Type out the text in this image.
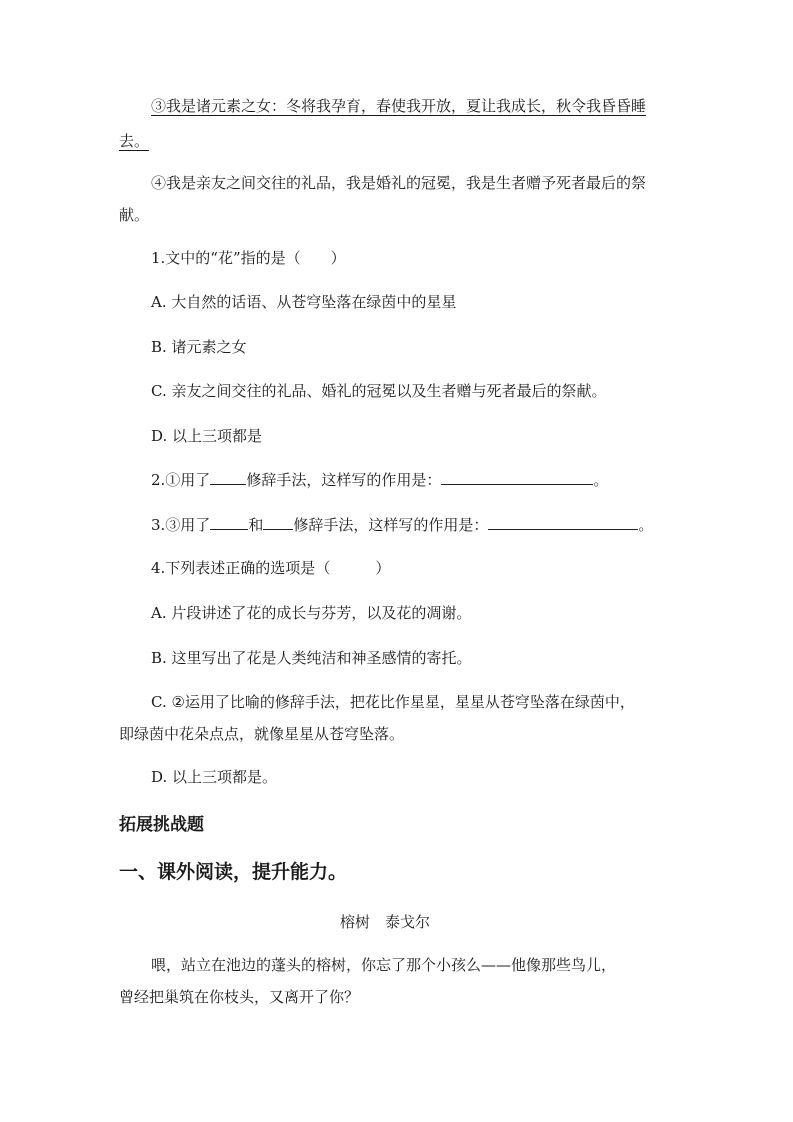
③我是诸元素之女：冬将我孕育，春使我开放，夏让我成长，秋令我昏昏睡
去。
④我是亲友之间交往的礼品，我是婚礼的冠冕，我是生者赠予死者最后的祭
献。
1.文中的“花”指的是（　　）
A. 大自然的话语、从苍穹坠落在绿茵中的星星
B. 诸元素之女
C. 亲友之间交往的礼品、婚礼的冠冕以及生者赠与死者最后的祭献。
D. 以上三项都是
2.①用了 修辞手法，这样写的作用是：	。
3.③用了	和 修辞手法，这样写的作用是：	。
4.下列表述正确的选项是（　　　）
A. 片段讲述了花的成长与芬芳，以及花的凋谢。
B. 这里写出了花是人类纯洁和神圣感情的寄托。
C. ②运用了比喻的修辞手法，把花比作星星，星星从苍穹坠落在绿茵中，
即绿茵中花朵点点，就像星星从苍穹坠落。
D. 以上三项都是。
拓展挑战题
一、课外阅读，提升能力。
榕树　泰戈尔
喂，站立在池边的蓬头的榕树，你忘了那个小孩么——他像那些鸟儿，
曾经把巢筑在你枝头，又离开了你？
